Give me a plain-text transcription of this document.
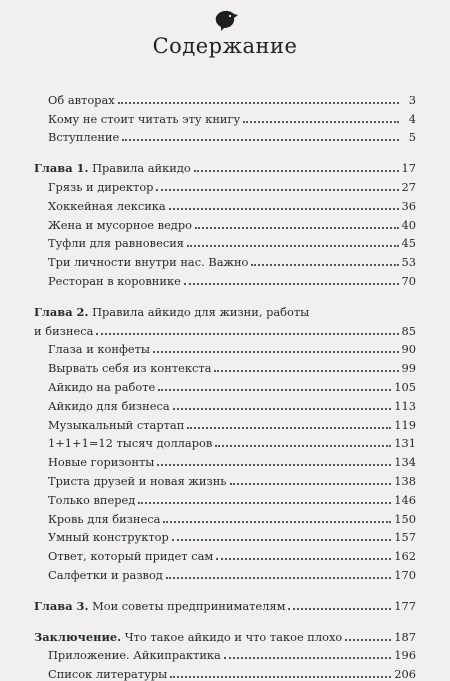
Содержание
Об авторах	3
Кому не стоит читать эту книгу	4
Вступление	5
Глава 1. Правила айкидо	17
Грязь и директор	27
Хоккейная лексика	36
Жена и мусорное ведро	40
Туфли для равновесия	45
Три личности внутри нас. Важно	53
Ресторан в коровнике	70
Глава 2. Правила айкидо для жизни, работы
и бизнеса	85
Глаза и конфеты	90
Вырвать себя из контекста	99
Айкидо на работе	105
Айкидо для бизнеса	113
Музыкальный стартап	119
1+1+1=12 тысяч долларов	131
Новые горизонты	134
Триста друзей и новая жизнь	138
Только вперед	146
Кровь для бизнеса	150
Умный конструктор	157
Ответ, который придет сам	162
Салфетки и развод	170
Глава 3. Мои советы предпринимателям	177
Заключение. Что такое айкидо и что такое плохо	187
Приложение. Айкипрактика	196
Список литературы	206
